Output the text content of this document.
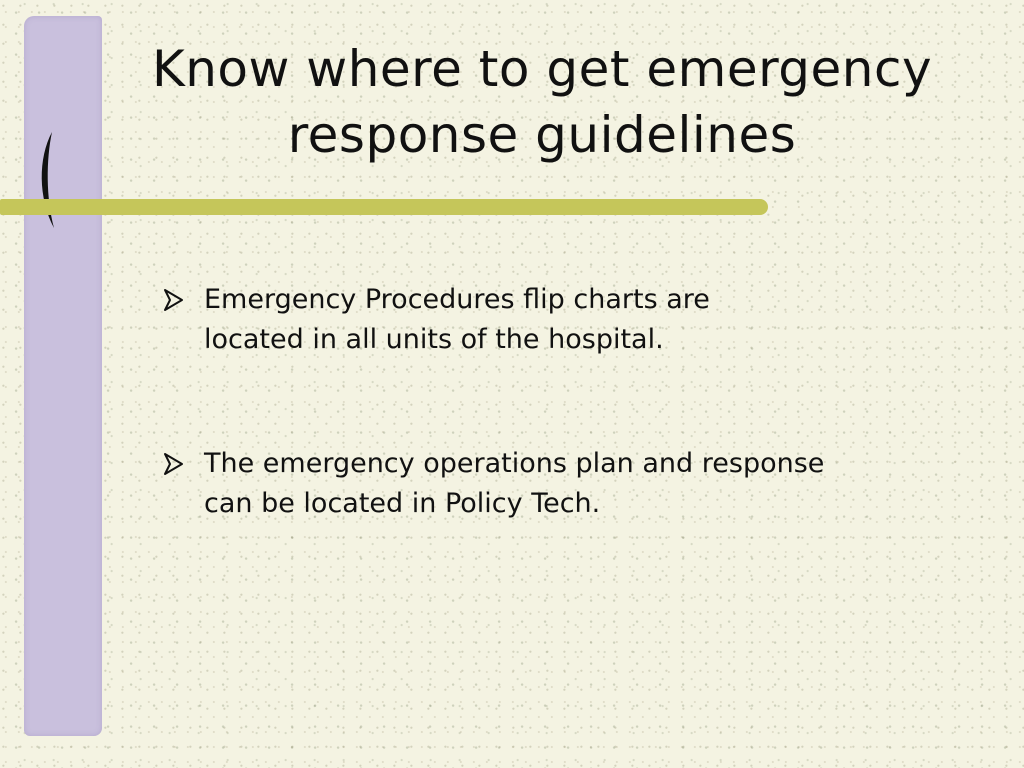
Know where to get emergency
response guidelines
Emergency Procedures flip charts are
located in all units of the hospital.
The emergency operations plan and response
can be located in Policy Tech.
